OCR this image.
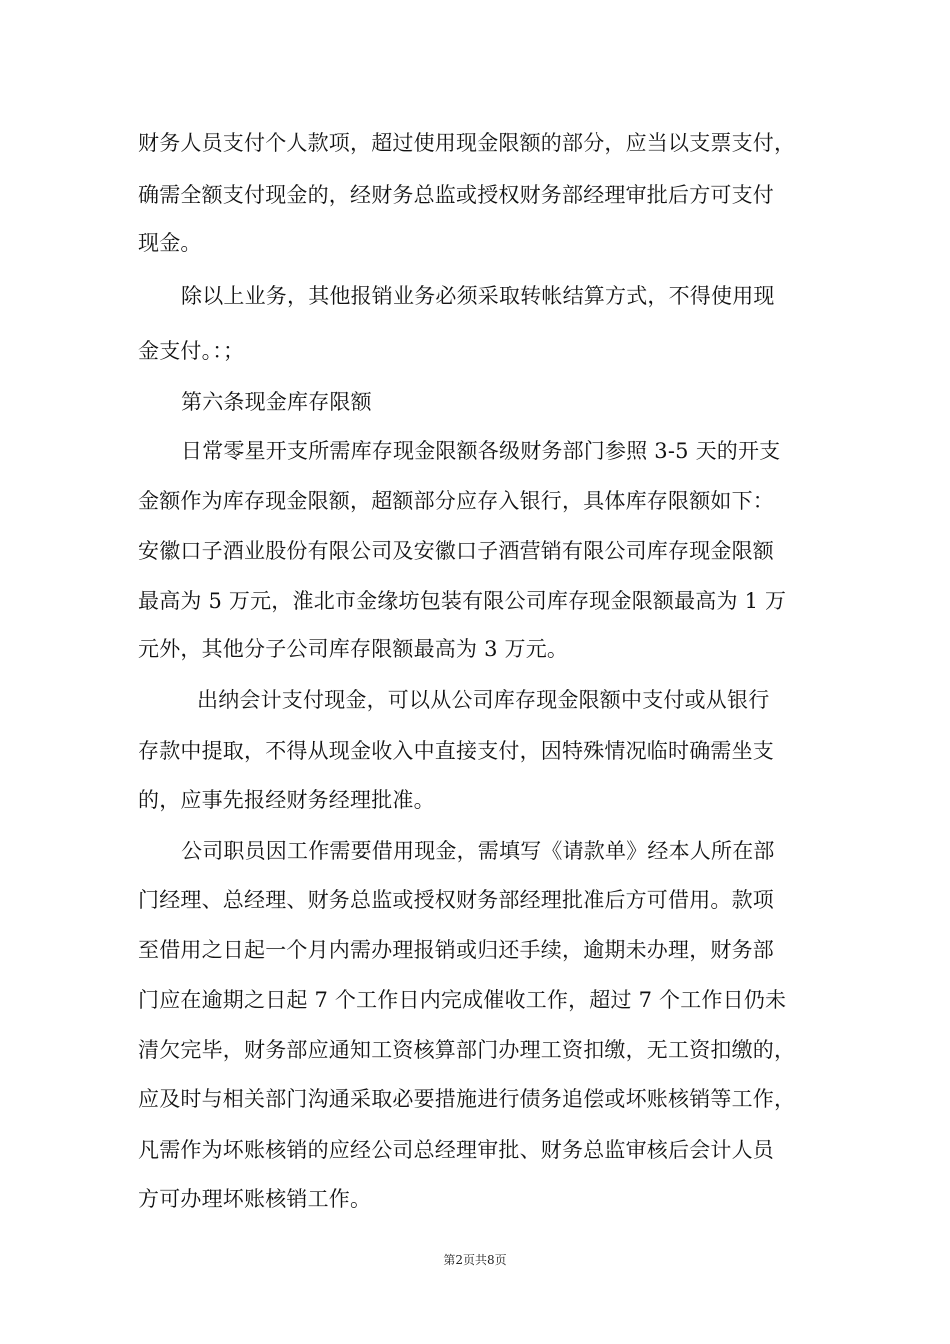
财务人员支付个人款项，超过使用现金限额的部分，应当以支票支付，
确需全额支付现金的，经财务总监或授权财务部经理审批后方可支付
现金。
除以上业务，其他报销业务必须采取转帐结算方式，不得使用现
金支付。：；
第六条现金库存限额
日常零星开支所需库存现金限额各级财务部门参照 3-5 天的开支
金额作为库存现金限额，超额部分应存入银行，具体库存限额如下：
安徽口子酒业股份有限公司及安徽口子酒营销有限公司库存现金限额
最高为 5 万元，淮北市金缘坊包装有限公司库存现金限额最高为 1 万
元外，其他分子公司库存限额最高为 3 万元。
出纳会计支付现金，可以从公司库存现金限额中支付或从银行
存款中提取，不得从现金收入中直接支付，因特殊情况临时确需坐支
的，应事先报经财务经理批准。
公司职员因工作需要借用现金，需填写《请款单》经本人所在部
门经理、总经理、财务总监或授权财务部经理批准后方可借用。款项
至借用之日起一个月内需办理报销或归还手续，逾期未办理，财务部
门应在逾期之日起 7 个工作日内完成催收工作，超过 7 个工作日仍未
清欠完毕，财务部应通知工资核算部门办理工资扣缴，无工资扣缴的，
应及时与相关部门沟通采取必要措施进行债务追偿或坏账核销等工作，
凡需作为坏账核销的应经公司总经理审批、财务总监审核后会计人员
方可办理坏账核销工作。
第2页共8页
